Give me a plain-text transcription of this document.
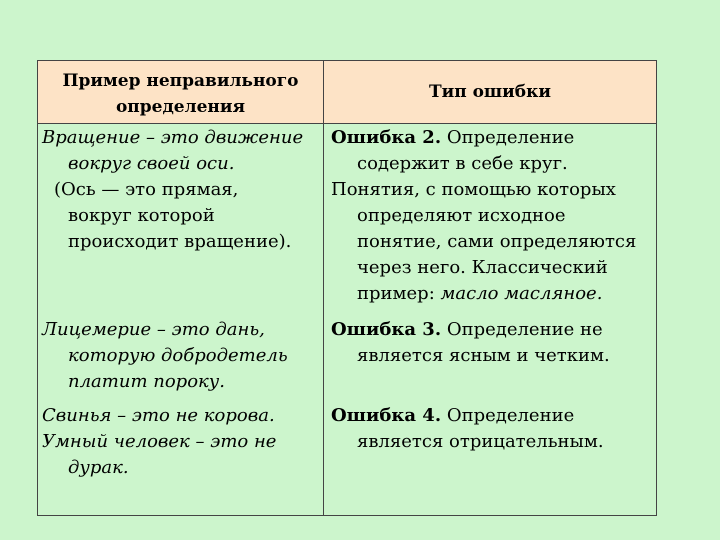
Пример неправильного
определения
Тип ошибки
Вращение – это движение
вокруг своей оси.
(Ось — это прямая,
вокруг которой
происходит вращение).
Ошибка 2. Определение
содержит в себе круг.
Понятия, с помощью которых
определяют исходное
понятие, сами определяются
через него. Классический
пример: масло масляное.
Лицемерие – это дань,
которую добродетель
платит пороку.
Ошибка 3. Определение не
является ясным и четким.
Свинья – это не корова.
Умный человек – это не
дурак.
Ошибка 4. Определение
является отрицательным.
